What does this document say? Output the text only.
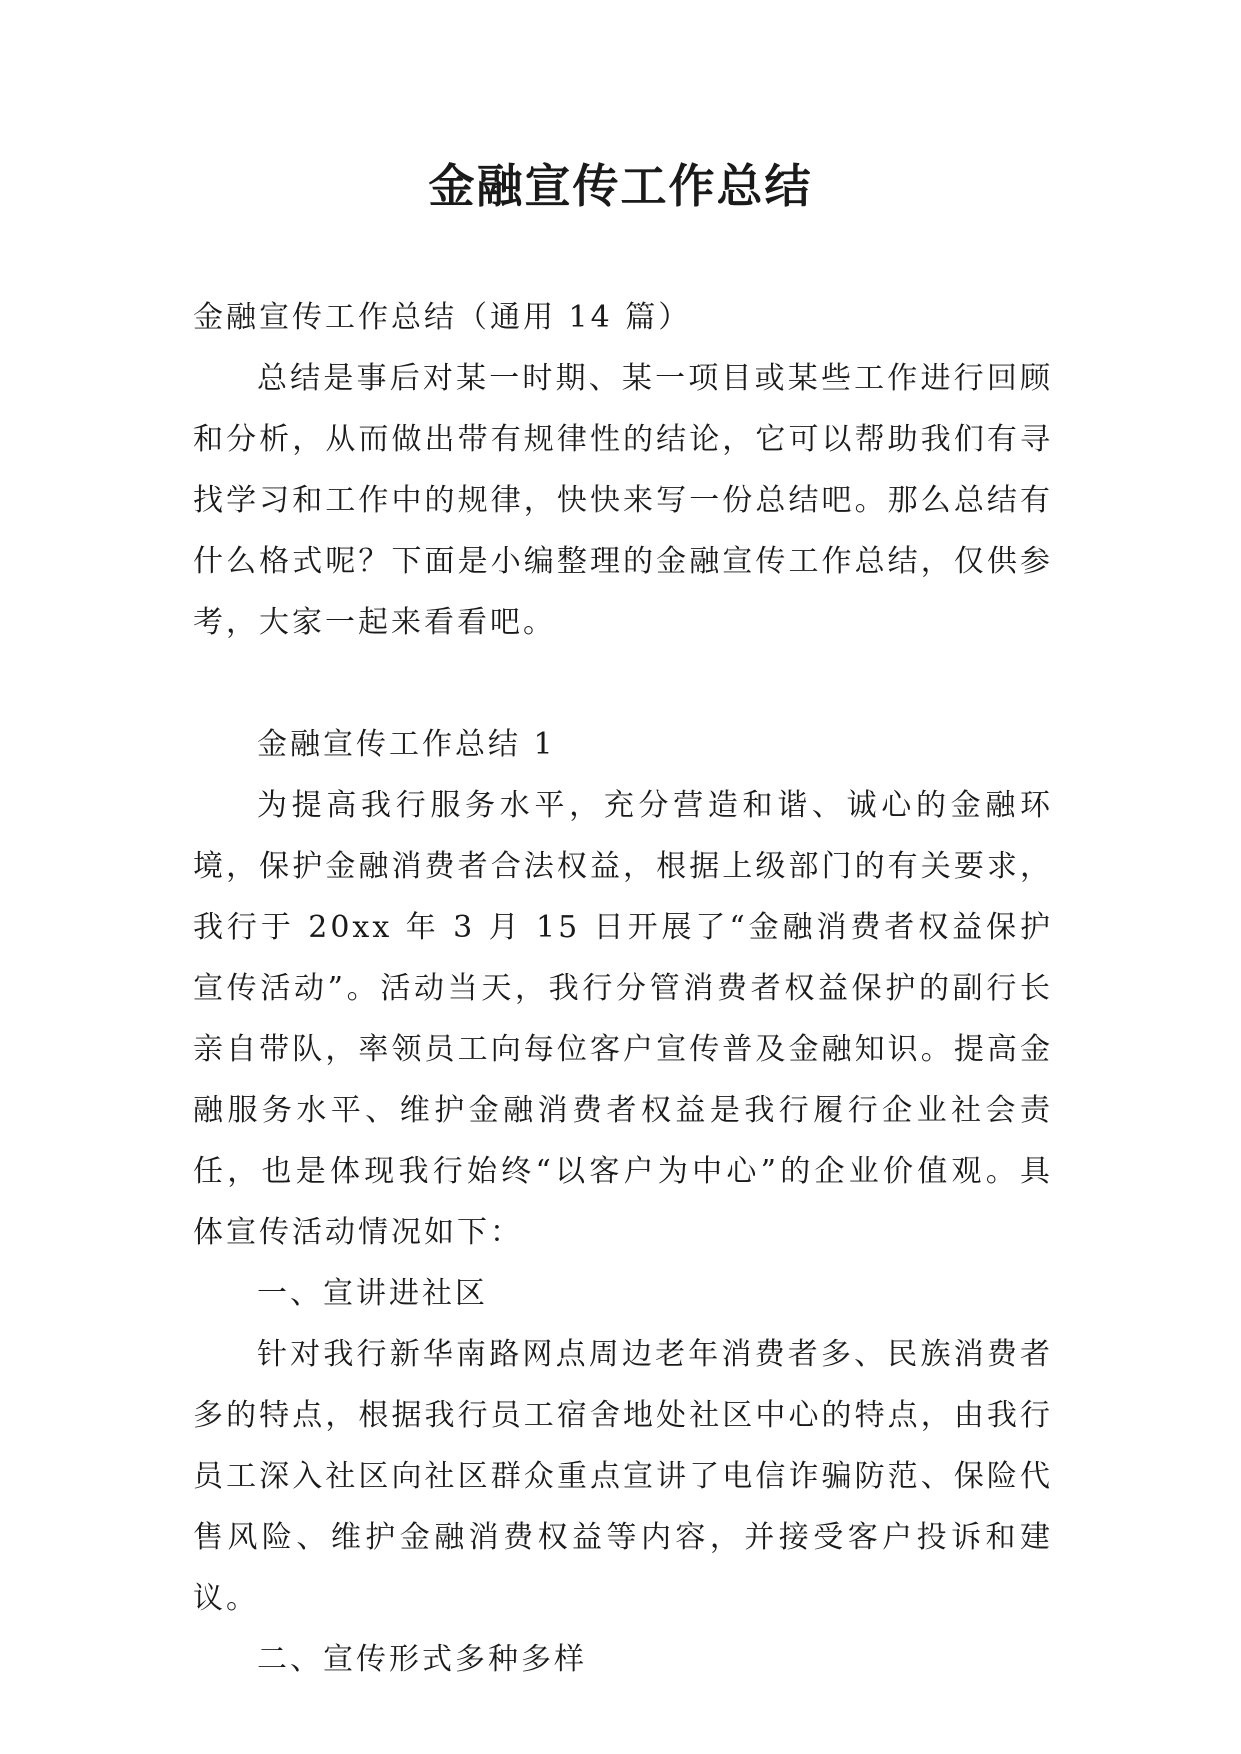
金融宣传工作总结

金融宣传工作总结（通用 14 篇）

总结是事后对某一时期、某一项目或某些工作进行回顾和分析，从而做出带有规律性的结论，它可以帮助我们有寻找学习和工作中的规律，快快来写一份总结吧。那么总结有什么格式呢？下面是小编整理的金融宣传工作总结，仅供参考，大家一起来看看吧。

金融宣传工作总结 1

为提高我行服务水平，充分营造和谐、诚心的金融环境，保护金融消费者合法权益，根据上级部门的有关要求，我行于 20xx 年 3 月 15 日开展了“金融消费者权益保护宣传活动”。活动当天，我行分管消费者权益保护的副行长亲自带队，率领员工向每位客户宣传普及金融知识。提高金融服务水平、维护金融消费者权益是我行履行企业社会责任，也是体现我行始终“以客户为中心”的企业价值观。具体宣传活动情况如下：

一、宣讲进社区

针对我行新华南路网点周边老年消费者多、民族消费者多的特点，根据我行员工宿舍地处社区中心的特点，由我行员工深入社区向社区群众重点宣讲了电信诈骗防范、保险代售风险、维护金融消费权益等内容，并接受客户投诉和建议。

二、宣传形式多种多样
